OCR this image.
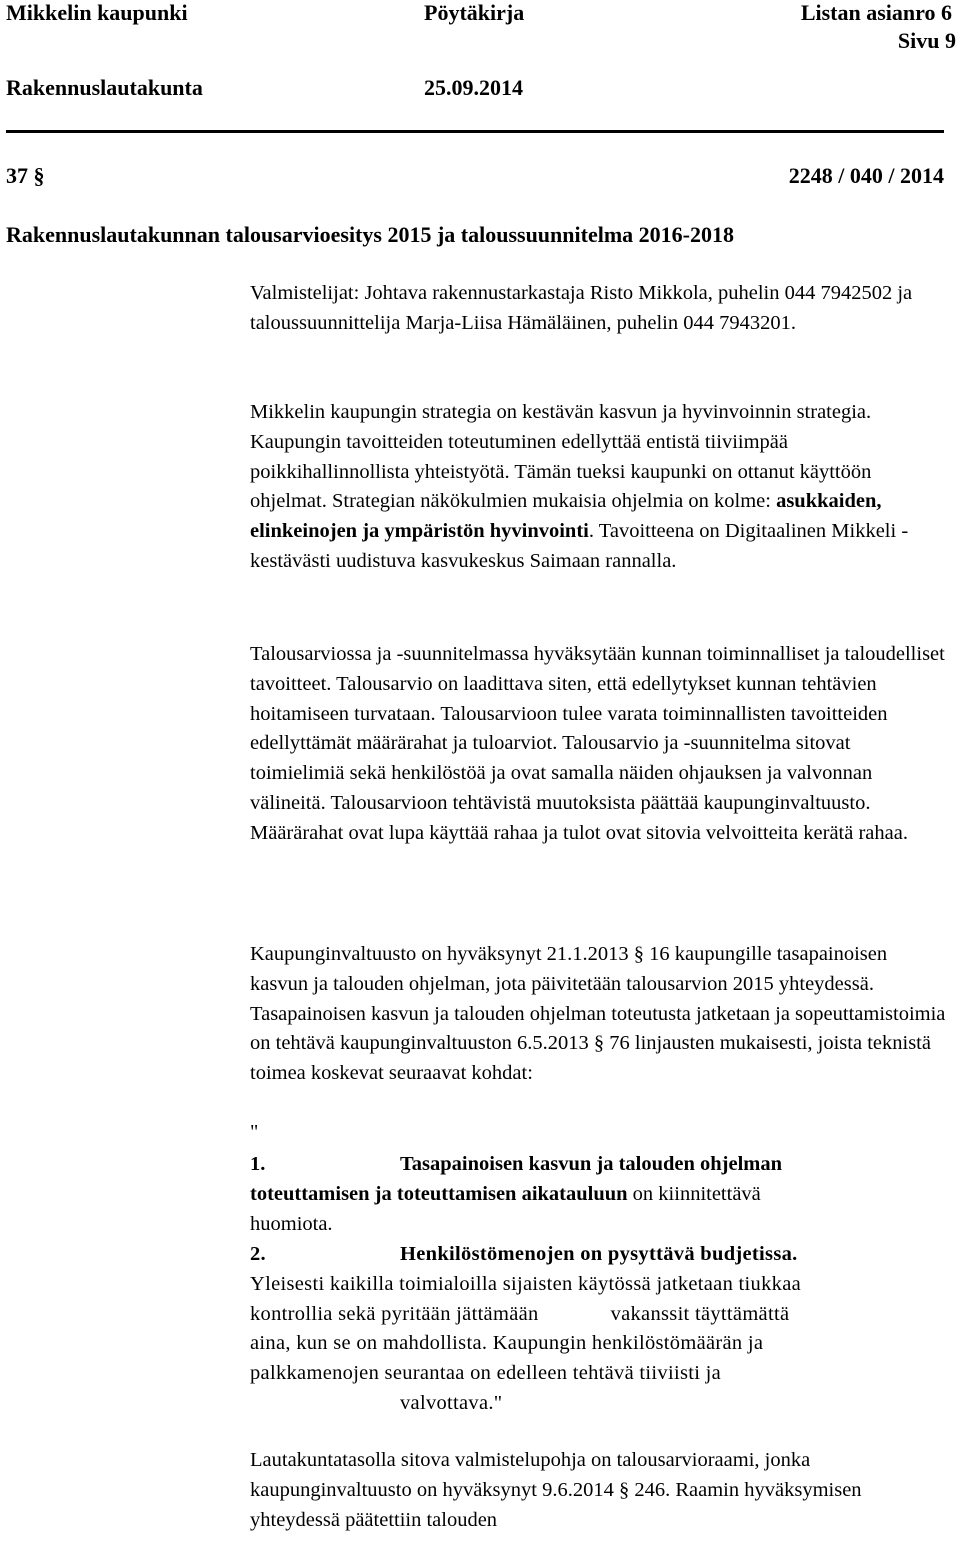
Mikkelin kaupunki	Pöytäkirja	Listan asianro 6
Sivu 9
Rakennuslautakunta	25.09.2014
37 §	2248 / 040 / 2014
Rakennuslautakunnan talousarvioesitys 2015 ja taloussuunnitelma 2016-2018

Valmistelijat: Johtava rakennustarkastaja Risto Mikkola, puhelin 044 7942502 ja taloussuunnittelija Marja-Liisa Hämäläinen, puhelin 044 7943201.

Mikkelin kaupungin strategia on kestävän kasvun ja hyvinvoinnin strategia. Kaupungin tavoitteiden toteutuminen edellyttää entistä tiiviimpää poikkihallinnollista yhteistyötä. Tämän tueksi kaupunki on ottanut käyttöön ohjelmat. Strategian näkökulmien mukaisia ohjelmia on kolme: asukkaiden, elinkeinojen ja ympäristön hyvinvointi. Tavoitteena on Digitaalinen Mikkeli - kestävästi uudistuva kasvukeskus Saimaan rannalla.

Talousarviossa ja -suunnitelmassa hyväksytään kunnan toiminnalliset ja taloudelliset tavoitteet. Talousarvio on laadittava siten, että edellytykset kunnan tehtävien hoitamiseen turvataan. Talousarvioon tulee varata toiminnallisten tavoitteiden edellyttämät määrärahat ja tuloarviot. Talousarvio ja -suunnitelma sitovat toimielimiä sekä henkilöstöä ja ovat samalla näiden ohjauksen ja valvonnan välineitä. Talousarvioon tehtävistä muutoksista päättää kaupunginvaltuusto. Määrärahat ovat lupa käyttää rahaa ja tulot ovat sitovia velvoitteita kerätä rahaa.

Kaupunginvaltuusto on hyväksynyt 21.1.2013 § 16 kaupungille tasapainoisen kasvun ja talouden ohjelman, jota päivitetään talousarvion 2015 yhteydessä. Tasapainoisen kasvun ja talouden ohjelman toteutusta jatketaan ja sopeuttamistoimia on tehtävä kaupunginvaltuuston 6.5.2013 § 76 linjausten mukaisesti, joista teknistä toimea koskevat seuraavat kohdat:

"
1.	Tasapainoisen kasvun ja talouden ohjelman
toteuttamisen ja toteuttamisen aikatauluun on kiinnitettävä
huomiota.
2.	Henkilöstömenojen on pysyttävä budjetissa.
Yleisesti kaikilla toimialoilla sijaisten käytössä jatketaan tiukkaa
kontrollia sekä pyritään jättämään	vakanssit täyttämättä
aina, kun se on mahdollista. Kaupungin henkilöstömäärän ja
palkkamenojen seurantaa on edelleen tehtävä tiiviisti ja
valvottava."

Lautakuntatasolla sitova valmistelupohja on talousarvioraami, jonka kaupunginvaltuusto on hyväksynyt 9.6.2014 § 246. Raamin hyväksymisen yhteydessä päätettiin talouden
